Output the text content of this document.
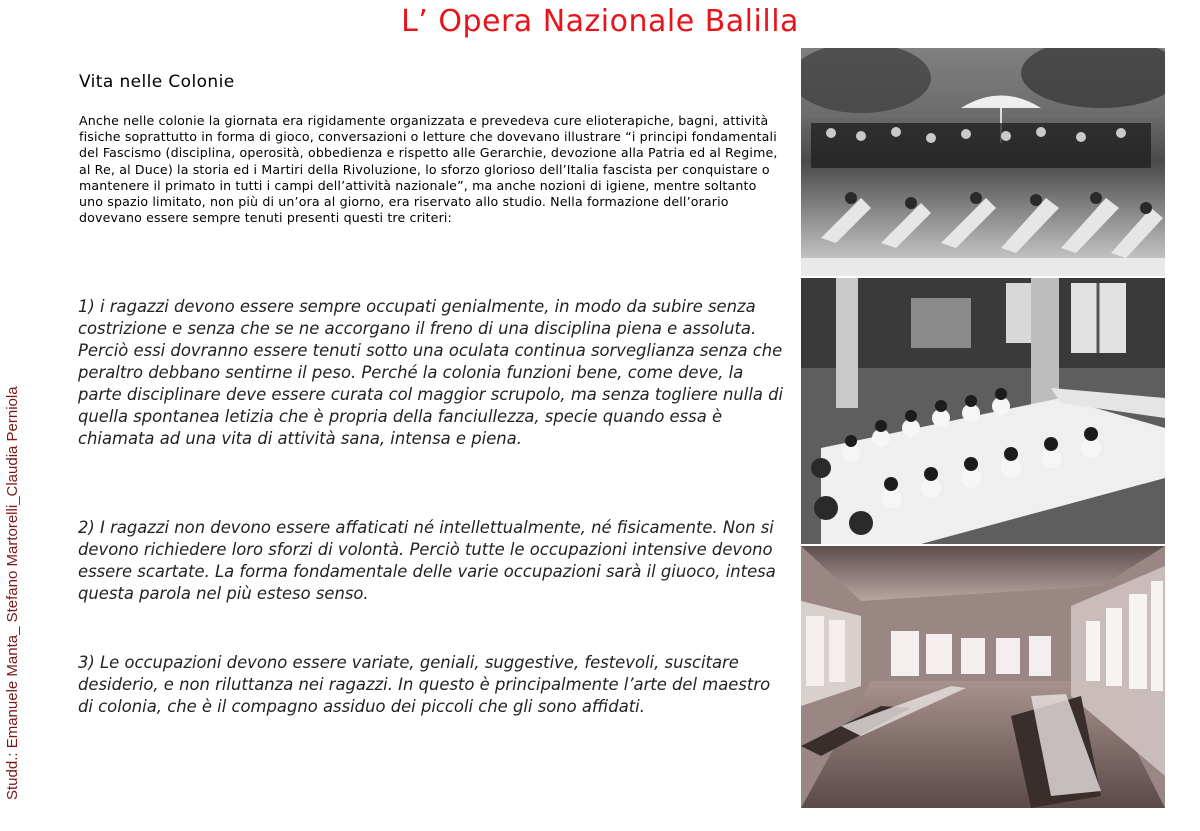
L’ Opera Nazionale Balilla
Studd.: Emanuele Manta_ Stefano Martorelli_Claudia Perniola
Vita nelle Colonie

Anche nelle colonie la giornata era rigidamente organizzata e prevedeva cure elioterapiche, bagni, attività fisiche soprattutto in forma di gioco, conversazioni o letture che dovevano illustrare “i principi fondamentali del Fascismo (disciplina, operosità, obbedienza e rispetto alle Gerarchie, devozione alla Patria ed al Regime, al Re, al Duce) la storia ed i Martiri della Rivoluzione, lo sforzo glorioso dell’Italia fascista per conquistare o mantenere il primato in tutti i campi dell’attività nazionale”, ma anche nozioni di igiene, mentre soltanto uno spazio limitato, non più di un’ora al giorno, era riservato allo studio. Nella formazione dell’orario dovevano essere sempre tenuti presenti questi tre criteri:

1) i ragazzi devono essere sempre occupati genialmente, in modo da subire senza costrizione e senza che se ne accorgano il freno di una disciplina piena e assoluta. Perciò essi dovranno essere tenuti sotto una oculata continua sorveglianza senza che peraltro debbano sentirne il peso. Perché la colonia funzioni bene, come deve, la parte disciplinare deve essere curata col maggior scrupolo, ma senza togliere nulla di quella spontanea letizia che è propria della fanciullezza, specie quando essa è chiamata ad una vita di attività sana, intensa e piena.

2) I ragazzi non devono essere affaticati né intellettualmente, né fisicamente. Non si devono richiedere loro sforzi di volontà. Perciò tutte le occupazioni intensive devono essere scartate. La forma fondamentale delle varie occupazioni sarà il giuoco, intesa questa parola nel più esteso senso.

3) Le occupazioni devono essere variate, geniali, suggestive, festevoli, suscitare desiderio, e non riluttanza nei ragazzi. In questo è principalmente l’arte del maestro di colonia, che è il compagno assiduo dei piccoli che gli sono affidati.
